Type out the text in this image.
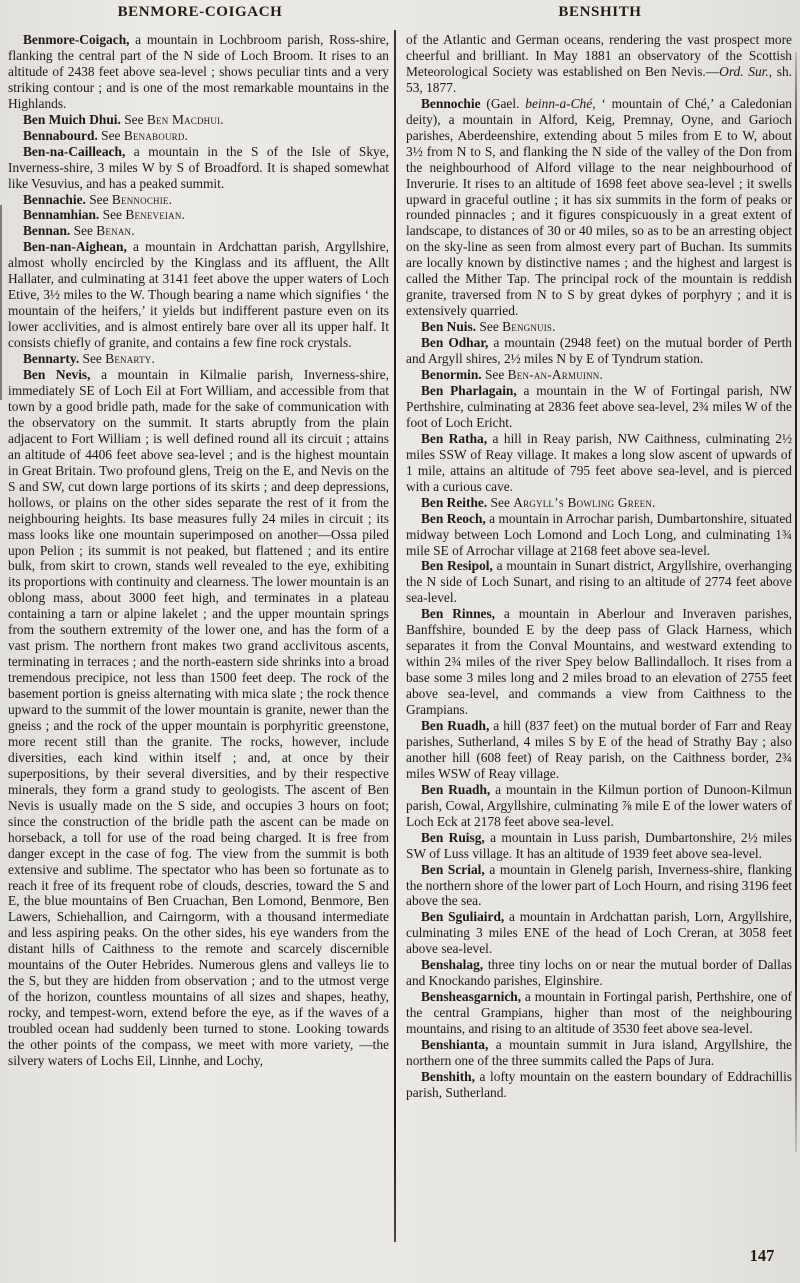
BENMORE-COIGACH	BENSHITH

Benmore-Coigach, a mountain in Lochbroom parish, Ross-shire, flanking the central part of the N side of Loch Broom. It rises to an altitude of 2438 feet above sea-level ; shows peculiar tints and a very striking contour ; and is one of the most remarkable mountains in the Highlands.

Ben Muich Dhui. See Ben Macdhui.

Bennabourd. See Benabourd.

Ben-na-Cailleach, a mountain in the S of the Isle of Skye, Inverness-shire, 3 miles W by S of Broadford. It is shaped somewhat like Vesuvius, and has a peaked summit.

Bennachie. See Bennochie.

Bennamhian. See Beneveian.

Bennan. See Benan.

Ben-nan-Aighean, a mountain in Ardchattan parish, Argyllshire, almost wholly encircled by the Kinglass and its affluent, the Allt Hallater, and culminating at 3141 feet above the upper waters of Loch Etive, 3½ miles to the W. Though bearing a name which signifies ‘ the mountain of the heifers,’ it yields but indifferent pasture even on its lower acclivities, and is almost entirely bare over all its upper half. It consists chiefly of granite, and contains a few fine rock crystals.

Bennarty. See Benarty.

Ben Nevis, a mountain in Kilmalie parish, Inverness-shire, immediately SE of Loch Eil at Fort William, and accessible from that town by a good bridle path, made for the sake of communication with the observatory on the summit. It starts abruptly from the plain adjacent to Fort William ; is well defined round all its circuit ; attains an altitude of 4406 feet above sea-level ; and is the highest mountain in Great Britain. Two profound glens, Treig on the E, and Nevis on the S and SW, cut down large portions of its skirts ; and deep depressions, hollows, or plains on the other sides separate the rest of it from the neighbouring heights. Its base measures fully 24 miles in circuit ; its mass looks like one mountain superimposed on another—Ossa piled upon Pelion ; its summit is not peaked, but flattened ; and its entire bulk, from skirt to crown, stands well revealed to the eye, exhibiting its proportions with continuity and clearness. The lower mountain is an oblong mass, about 3000 feet high, and terminates in a plateau containing a tarn or alpine lakelet ; and the upper mountain springs from the southern extremity of the lower one, and has the form of a vast prism. The northern front makes two grand acclivitous ascents, terminating in terraces ; and the north-eastern side shrinks into a broad tremendous precipice, not less than 1500 feet deep. The rock of the basement portion is gneiss alternating with mica slate ; the rock thence upward to the summit of the lower mountain is granite, newer than the gneiss ; and the rock of the upper mountain is porphyritic greenstone, more recent still than the granite. The rocks, however, include diversities, each kind within itself ; and, at once by their superpositions, by their several diversities, and by their respective minerals, they form a grand study to geologists. The ascent of Ben Nevis is usually made on the S side, and occupies 3 hours on foot; since the construction of the bridle path the ascent can be made on horseback, a toll for use of the road being charged. It is free from danger except in the case of fog. The view from the summit is both extensive and sublime. The spectator who has been so fortunate as to reach it free of its frequent robe of clouds, descries, toward the S and E, the blue mountains of Ben Cruachan, Ben Lomond, Benmore, Ben Lawers, Schiehallion, and Cairngorm, with a thousand intermediate and less aspiring peaks. On the other sides, his eye wanders from the distant hills of Caithness to the remote and scarcely discernible mountains of the Outer Hebrides. Numerous glens and valleys lie to the S, but they are hidden from observation ; and to the utmost verge of the horizon, countless mountains of all sizes and shapes, heathy, rocky, and tempest-worn, extend before the eye, as if the waves of a troubled ocean had suddenly been turned to stone. Looking towards the other points of the compass, we meet with more variety, —the silvery waters of Lochs Eil, Linnhe, and Lochy,

of the Atlantic and German oceans, rendering the vast prospect more cheerful and brilliant. In May 1881 an observatory of the Scottish Meteorological Society was established on Ben Nevis.—Ord. Sur., sh. 53, 1877.

Bennochie (Gael. beinn-a-Ché, ‘ mountain of Ché,’ a Caledonian deity), a mountain in Alford, Keig, Premnay, Oyne, and Garioch parishes, Aberdeenshire, extending about 5 miles from E to W, about 3½ from N to S, and flanking the N side of the valley of the Don from the neighbourhood of Alford village to the near neighbourhood of Inverurie. It rises to an altitude of 1698 feet above sea-level ; it swells upward in graceful outline ; it has six summits in the form of peaks or rounded pinnacles ; and it figures conspicuously in a great extent of landscape, to distances of 30 or 40 miles, so as to be an arresting object on the sky-line as seen from almost every part of Buchan. Its summits are locally known by distinctive names ; and the highest and largest is called the Mither Tap. The principal rock of the mountain is reddish granite, traversed from N to S by great dykes of porphyry ; and it is extensively quarried.

Ben Nuis. See Bengnuis.

Ben Odhar, a mountain (2948 feet) on the mutual border of Perth and Argyll shires, 2½ miles N by E of Tyndrum station.

Benormin. See Ben-an-Armuinn.

Ben Pharlagain, a mountain in the W of Fortingal parish, NW Perthshire, culminating at 2836 feet above sea-level, 2¾ miles W of the foot of Loch Ericht.

Ben Ratha, a hill in Reay parish, NW Caithness, culminating 2½ miles SSW of Reay village. It makes a long slow ascent of upwards of 1 mile, attains an altitude of 795 feet above sea-level, and is pierced with a curious cave.

Ben Reithe. See Argyll’s Bowling Green.

Ben Reoch, a mountain in Arrochar parish, Dumbartonshire, situated midway between Loch Lomond and Loch Long, and culminating 1¾ mile SE of Arrochar village at 2168 feet above sea-level.

Ben Resipol, a mountain in Sunart district, Argyllshire, overhanging the N side of Loch Sunart, and rising to an altitude of 2774 feet above sea-level.

Ben Rinnes, a mountain in Aberlour and Inveraven parishes, Banffshire, bounded E by the deep pass of Glack Harness, which separates it from the Conval Mountains, and westward extending to within 2¾ miles of the river Spey below Ballindalloch. It rises from a base some 3 miles long and 2 miles broad to an elevation of 2755 feet above sea-level, and commands a view from Caithness to the Grampians.

Ben Ruadh, a hill (837 feet) on the mutual border of Farr and Reay parishes, Sutherland, 4 miles S by E of the head of Strathy Bay ; also another hill (608 feet) of Reay parish, on the Caithness border, 2¾ miles WSW of Reay village.

Ben Ruadh, a mountain in the Kilmun portion of Dunoon-Kilmun parish, Cowal, Argyllshire, culminating ⅞ mile E of the lower waters of Loch Eck at 2178 feet above sea-level.

Ben Ruisg, a mountain in Luss parish, Dumbartonshire, 2½ miles SW of Luss village. It has an altitude of 1939 feet above sea-level.

Ben Scrial, a mountain in Glenelg parish, Inverness-shire, flanking the northern shore of the lower part of Loch Hourn, and rising 3196 feet above the sea.

Ben Sguliaird, a mountain in Ardchattan parish, Lorn, Argyllshire, culminating 3 miles ENE of the head of Loch Creran, at 3058 feet above sea-level.

Benshalag, three tiny lochs on or near the mutual border of Dallas and Knockando parishes, Elginshire.

Bensheasgarnich, a mountain in Fortingal parish, Perthshire, one of the central Grampians, higher than most of the neighbouring mountains, and rising to an altitude of 3530 feet above sea-level.

Benshianta, a mountain summit in Jura island, Argyllshire, the northern one of the three summits called the Paps of Jura.

Benshith, a lofty mountain on the eastern boundary of Eddrachillis parish, Sutherland.

147
